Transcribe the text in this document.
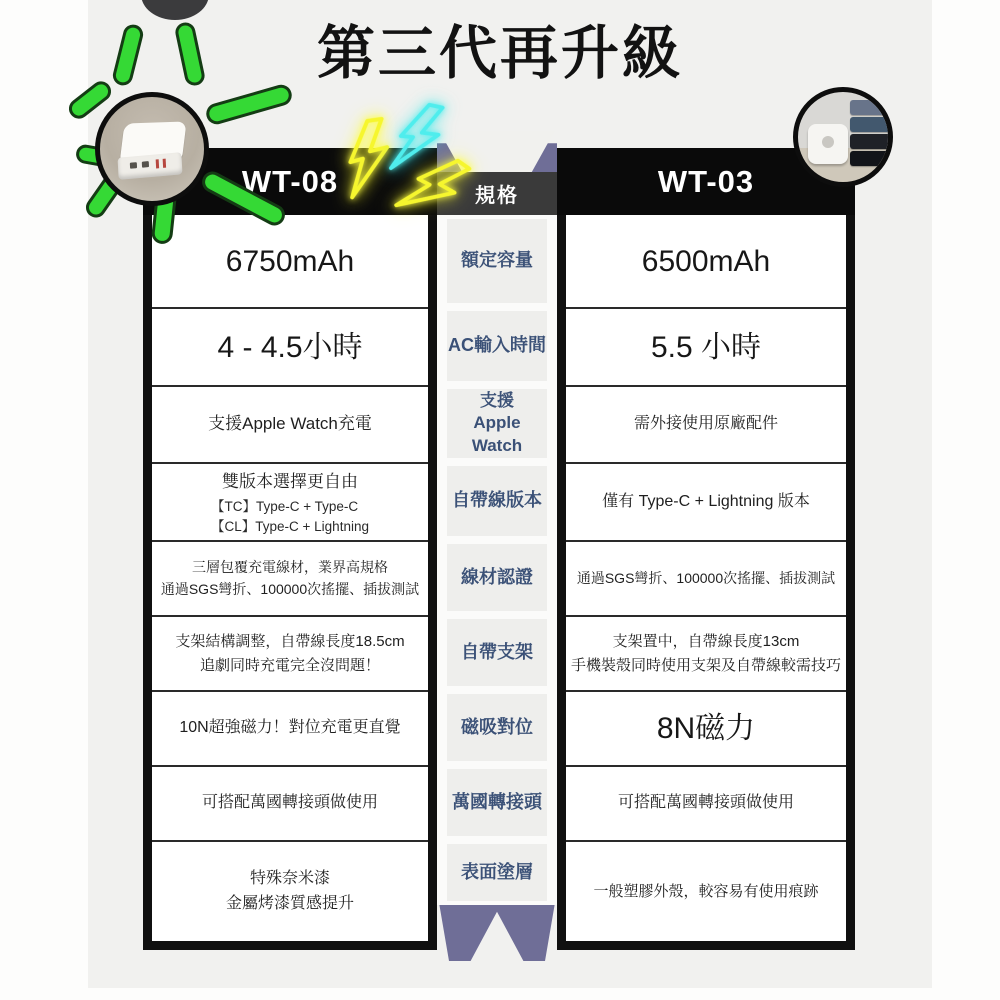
第三代再升級
規格
額定容量
AC輸入時間
支援
Apple Watch
自帶線版本
線材認證
自帶支架
磁吸對位
萬國轉接頭
表面塗層
WT-08
6750mAh
4 - 4.5小時
支援Apple Watch充電
雙版本選擇更自由
【TC】Type-C + Type-C
【CL】Type-C + Lightning
三層包覆充電線材，業界高規格
通過SGS彎折、100000次搖擺、插拔測試
支架結構調整，自帶線長度18.5cm
追劇同時充電完全沒問題！
10N超強磁力！對位充電更直覺
可搭配萬國轉接頭做使用
特殊奈米漆
金屬烤漆質感提升
WT-03
6500mAh
5.5 小時
需外接使用原廠配件
僅有 Type-C + Lightning 版本
通過SGS彎折、100000次搖擺、插拔測試
支架置中，自帶線長度13cm
手機裝殼同時使用支架及自帶線較需技巧
8N磁力
可搭配萬國轉接頭做使用
一般塑膠外殼，較容易有使用痕跡
